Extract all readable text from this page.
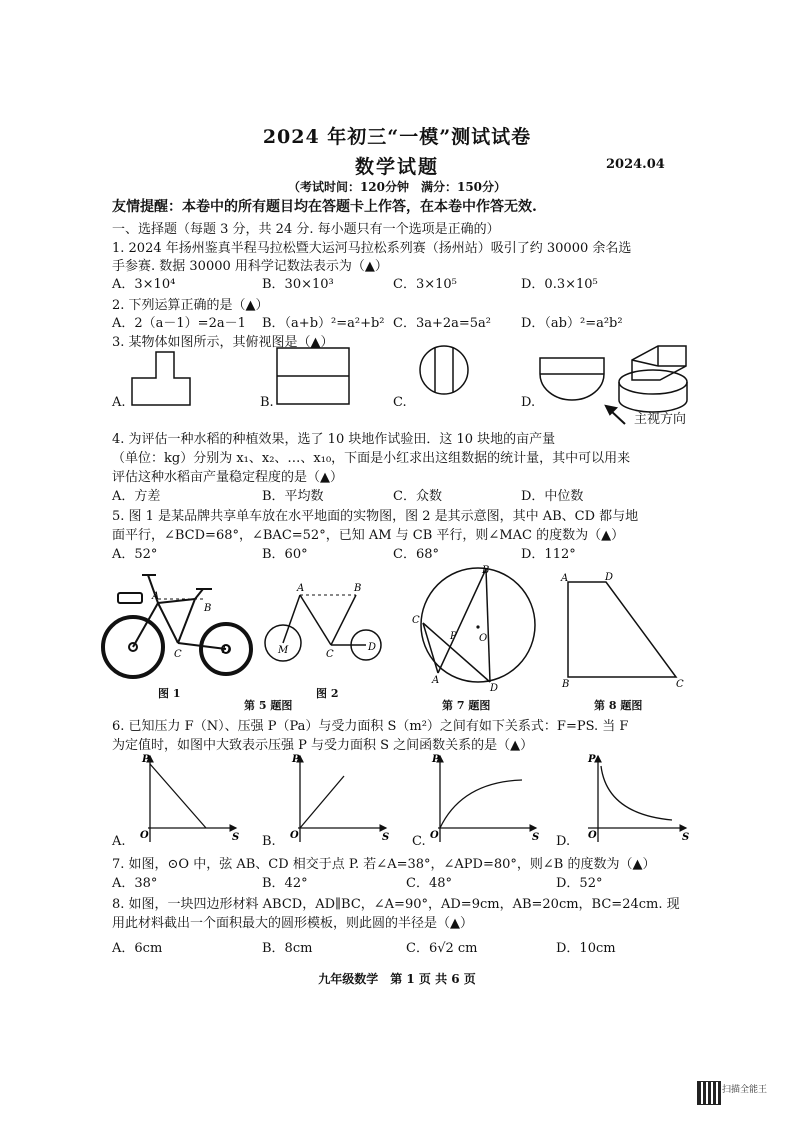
2024 年初三“一模”测试试卷
数学试题	2024.04
（考试时间：120分钟　满分：150分）
友情提醒：本卷中的所有题目均在答题卡上作答，在本卷中作答无效.
一、选择题（每题 3 分，共 24 分. 每小题只有一个选项是正确的）
1. 2024 年扬州鉴真半程马拉松暨大运河马拉松系列赛（扬州站）吸引了约 30000 余名选
手参赛. 数据 30000 用科学记数法表示为（▲）
A．3×10⁴	B．30×10³	C．3×10⁵	D．0.3×10⁵
2. 下列运算正确的是（▲）
A．2（a－1）=2a－1 B．（a+b）²=a²+b² C．3a+2a=5a² D．（ab）²=a²b²
3. 某物体如图所示，其俯视图是（▲）
A.	B.	C.	D.
主视方向
4. 为评估一种水稻的种植效果，选了 10 块地作试验田．这 10 块地的亩产量
（单位：kg）分别为 x₁、x₂、…、x₁₀，下面是小红求出这组数据的统计量，其中可以用来
评估这种水稻亩产量稳定程度的是（▲）
A．方差	B．平均数	C．众数	D．中位数
5. 图 1 是某品牌共享单车放在水平地面的实物图，图 2 是其示意图，其中 AB、CD 都与地
面平行，∠BCD=68°，∠BAC=52°，已知 AM 与 CB 平行，则∠MAC 的度数为（▲）
A．52°	B．60°	C．68°	D．112°
A
B
C	D
A	B
C
D
M
B
C
P O
A
D
A	D
B	C
图 1
第 5 题图
图 2
第 7 题图	第 8 题图
6. 已知压力 F（N）、压强 P（Pa）与受力面积 S（m²）之间有如下关系式：F=PS. 当 F
为定值时，如图中大致表示压强 P 与受力面积 S 之间函数关系的是（▲）
P
O	S
P
O	S
P
O	S
P
O	S
A.	B.	C.	D.
7. 如图，⊙O 中，弦 AB、CD 相交于点 P. 若∠A=38°，∠APD=80°，则∠B 的度数为（▲）
A．38°	B．42°	C．48°	D．52°
8. 如图，一块四边形材料 ABCD，AD∥BC，∠A=90°，AD=9cm，AB=20cm，BC=24cm. 现
用此材料截出一个面积最大的圆形模板，则此圆的半径是（▲）
A．6cm	B．8cm	C．6√2 cm	D．10cm
九年级数学　第 1 页 共 6 页
扫描全能王
